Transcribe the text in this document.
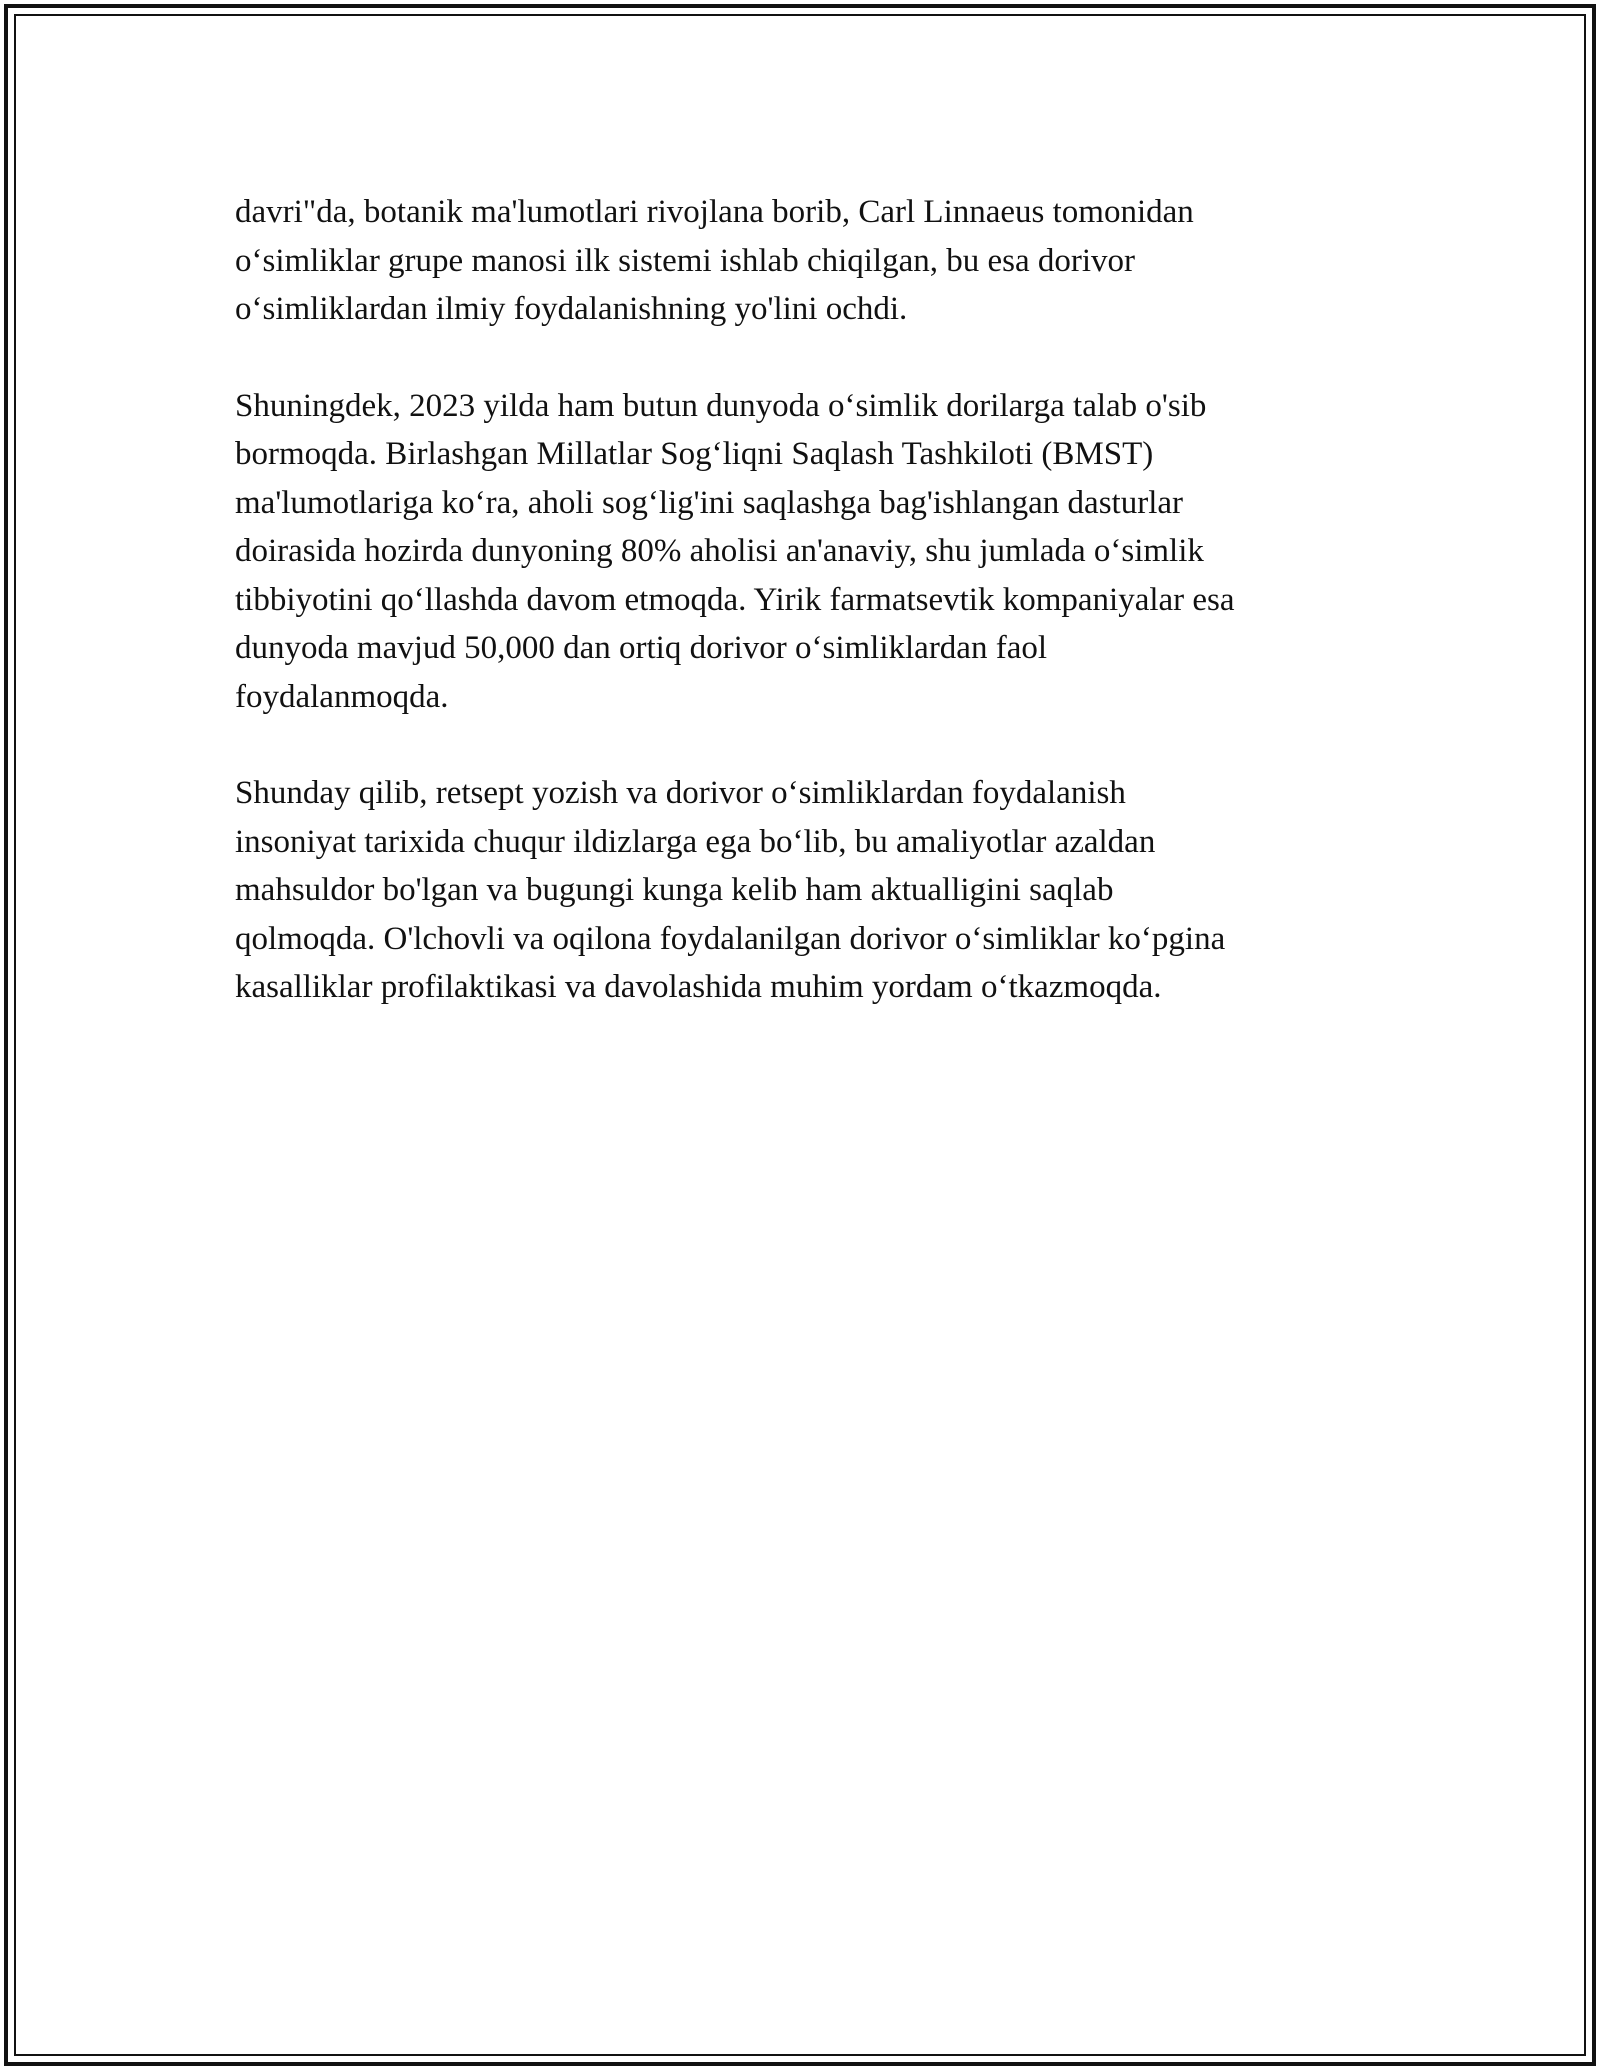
davri"da, botanik ma'lumotlari rivojlana borib, Carl Linnaeus tomonidan
o‘simliklar grupe manosi ilk sistemi ishlab chiqilgan, bu esa dorivor
o‘simliklardan ilmiy foydalanishning yo'lini ochdi.

Shuningdek, 2023 yilda ham butun dunyoda o‘simlik dorilarga talab o'sib
bormoqda. Birlashgan Millatlar Sog‘liqni Saqlash Tashkiloti (BMST)
ma'lumotlariga ko‘ra, aholi sog‘lig'ini saqlashga bag'ishlangan dasturlar
doirasida hozirda dunyoning 80% aholisi an'anaviy, shu jumlada o‘simlik
tibbiyotini qo‘llashda davom etmoqda. Yirik farmatsevtik kompaniyalar esa
dunyoda mavjud 50,000 dan ortiq dorivor o‘simliklardan faol
foydalanmoqda.

Shunday qilib, retsept yozish va dorivor o‘simliklardan foydalanish
insoniyat tarixida chuqur ildizlarga ega bo‘lib, bu amaliyotlar azaldan
mahsuldor bo'lgan va bugungi kunga kelib ham aktualligini saqlab
qolmoqda. O'lchovli va oqilona foydalanilgan dorivor o‘simliklar ko‘pgina
kasalliklar profilaktikasi va davolashida muhim yordam o‘tkazmoqda.
